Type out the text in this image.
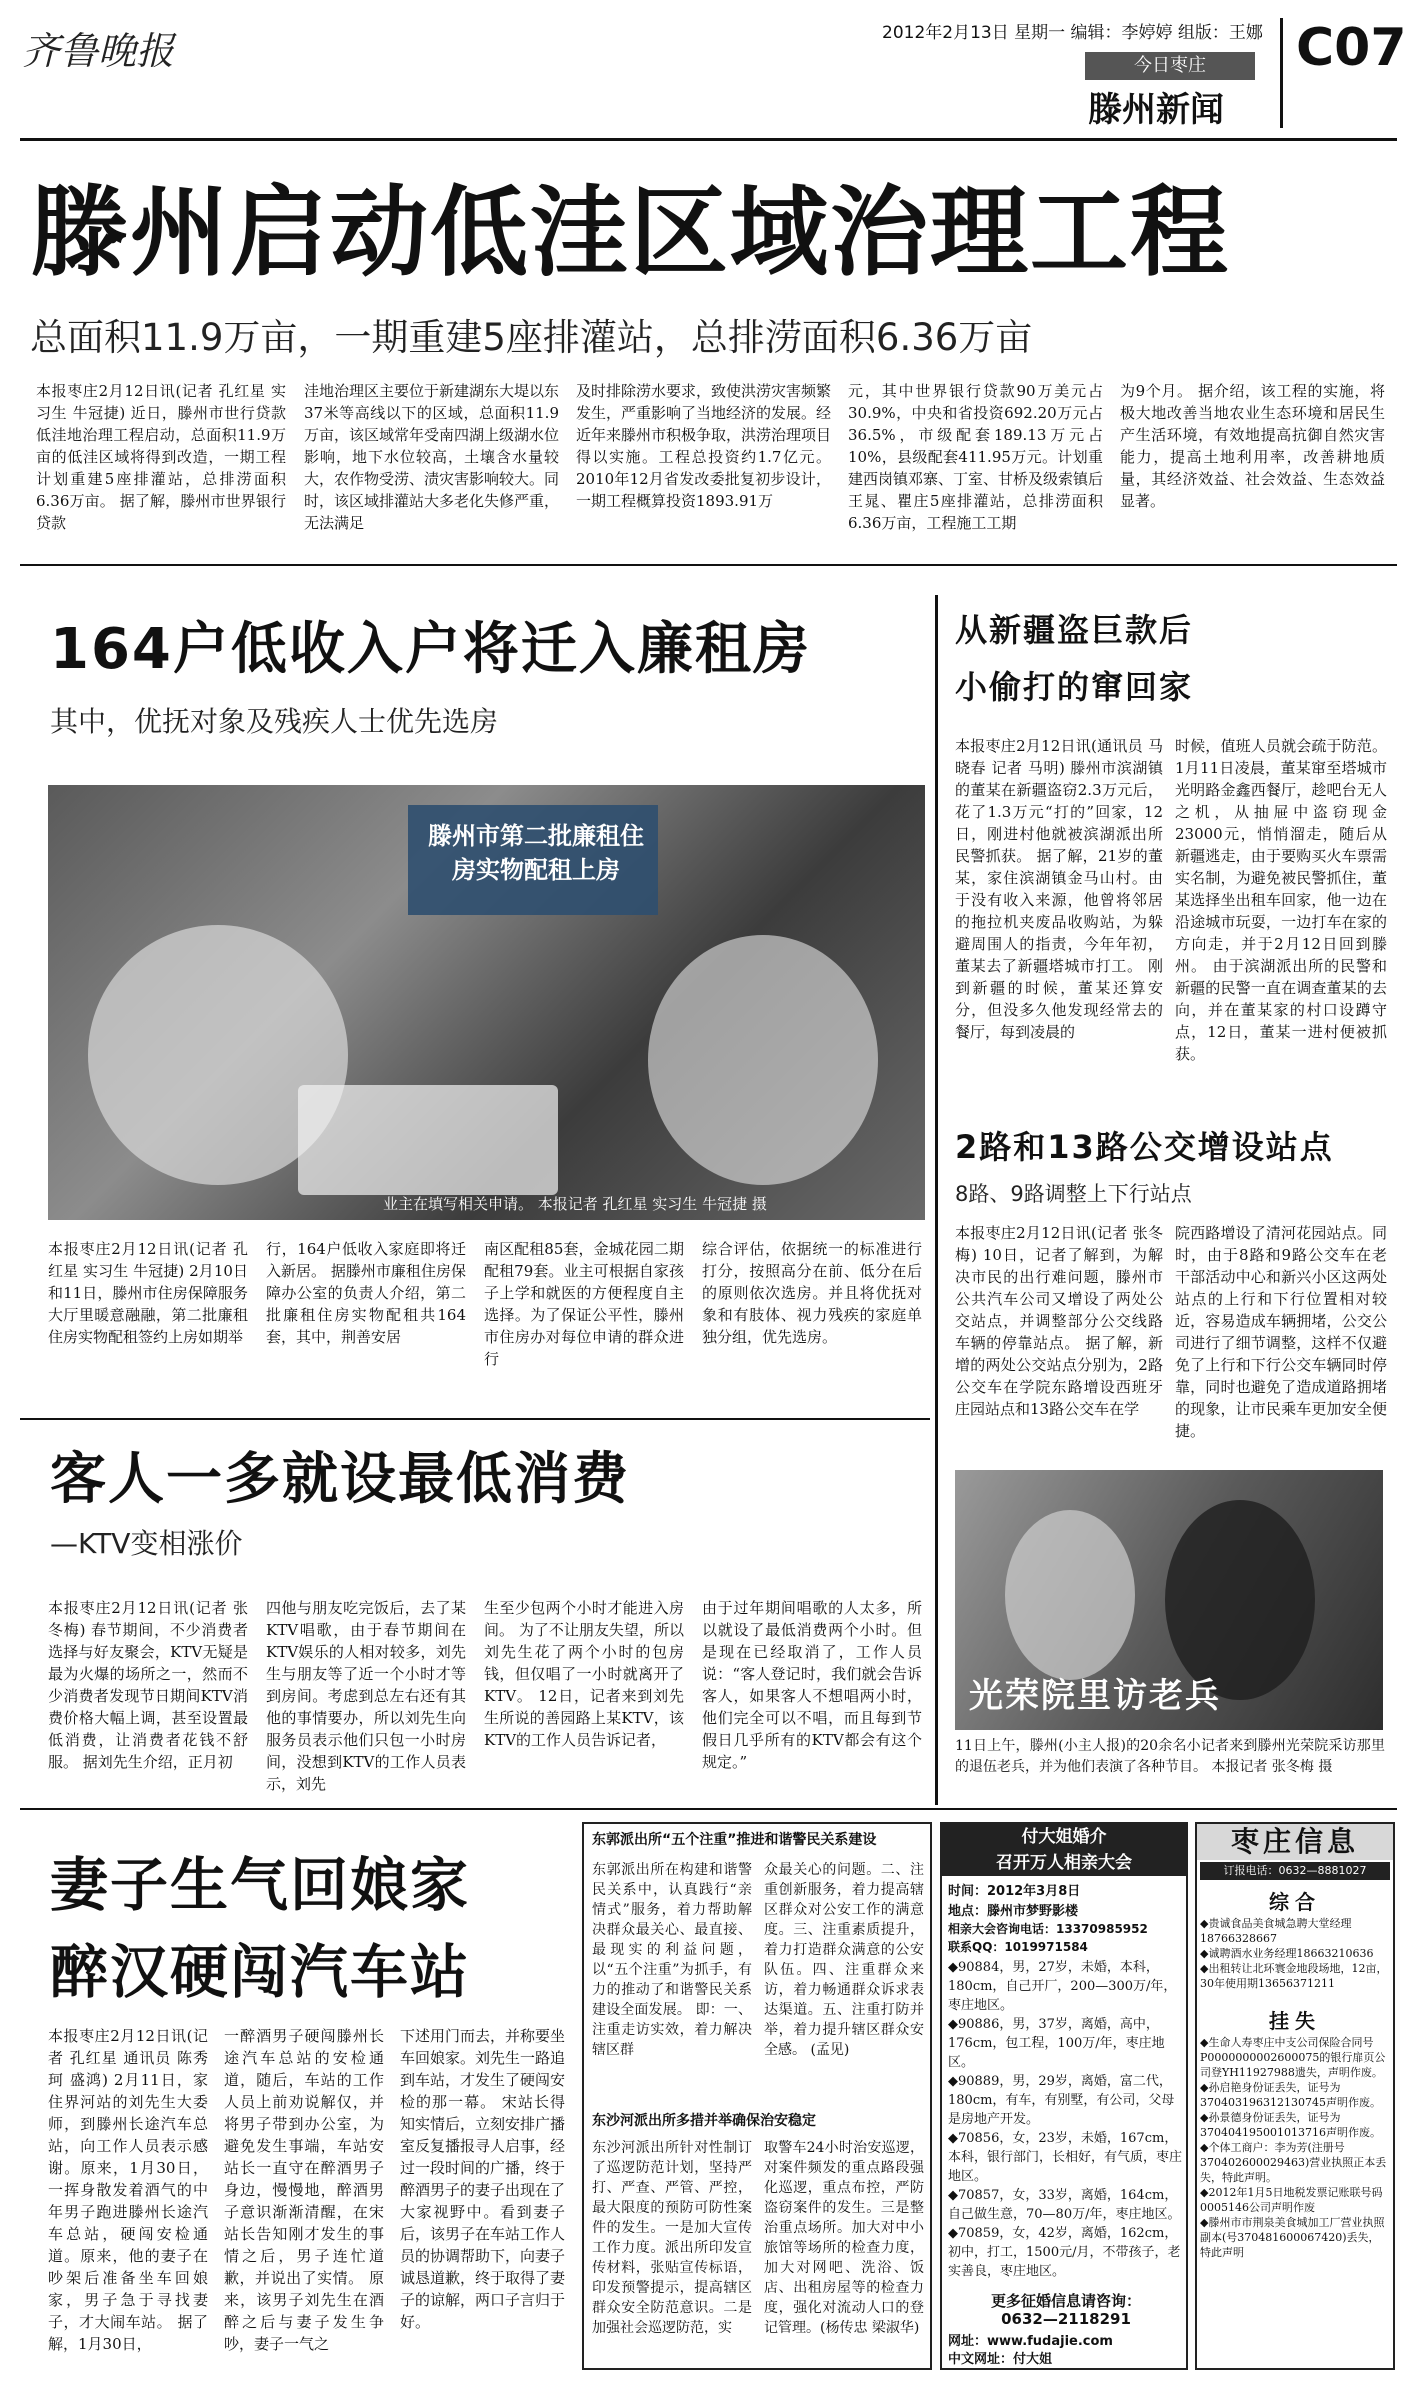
齐鲁晚报	2012年2月13日 星期一 编辑：李婷婷 组版：王娜
今日枣庄
滕州新闻
C07
滕州启动低洼区域治理工程
总面积11.9万亩，一期重建5座排灌站，总排涝面积6.36万亩
本报枣庄2月12日讯(记者 孔红星 实习生 牛冠捷) 近日，滕州市世行贷款低洼地治理工程启动，总面积11.9万亩的低洼区域将得到改造，一期工程计划重建5座排灌站，总排涝面积6.36万亩。 据了解，滕州市世界银行贷款
洼地治理区主要位于新建湖东大堤以东37米等高线以下的区域，总面积11.9万亩，该区域常年受南四湖上级湖水位影响，地下水位较高，土壤含水量较大，农作物受涝、渍灾害影响较大。同时，该区域排灌站大多老化失修严重，无法满足
及时排除涝水要求，致使洪涝灾害频繁发生，严重影响了当地经济的发展。经近年来滕州市积极争取，洪涝治理项目得以实施。工程总投资约1.7亿元。2010年12月省发改委批复初步设计，一期工程概算投资1893.91万
元，其中世界银行贷款90万美元占30.9%，中央和省投资692.20万元占36.5%，市级配套189.13万元占10%，县级配套411.95万元。计划重建西岗镇邓寨、丁室、甘桥及级索镇后王晁、瞿庄5座排灌站，总排涝面积6.36万亩，工程施工工期
为9个月。 据介绍，该工程的实施，将极大地改善当地农业生态环境和居民生产生活环境，有效地提高抗御自然灾害能力，提高土地利用率，改善耕地质量，其经济效益、社会效益、生态效益显著。
164户低收入户将迁入廉租房
其中，优抚对象及残疾人士优先选房
滕州市第二批廉租住房实物配租上房
业主在填写相关申请。 本报记者 孔红星 实习生 牛冠捷 摄
本报枣庄2月12日讯(记者 孔红星 实习生 牛冠捷) 2月10日和11日，滕州市住房保障服务大厅里暖意融融，第二批廉租住房实物配租签约上房如期举
行，164户低收入家庭即将迁入新居。 据滕州市廉租住房保障办公室的负责人介绍，第二批廉租住房实物配租共164套，其中，荆善安居
南区配租85套，金城花园二期配租79套。业主可根据自家孩子上学和就医的方便程度自主选择。为了保证公平性，滕州市住房办对每位申请的群众进行
综合评估，依据统一的标准进行打分，按照高分在前、低分在后的原则依次选房。并且将优抚对象和有肢体、视力残疾的家庭单独分组，优先选房。
客人一多就设最低消费
—KTV变相涨价
本报枣庄2月12日讯(记者 张冬梅) 春节期间，不少消费者选择与好友聚会，KTV无疑是最为火爆的场所之一，然而不少消费者发现节日期间KTV消费价格大幅上调，甚至设置最低消费，让消费者花钱不舒服。 据刘先生介绍，正月初
四他与朋友吃完饭后，去了某KTV唱歌，由于春节期间在KTV娱乐的人相对较多，刘先生与朋友等了近一个小时才等到房间。考虑到总左右还有其他的事情要办，所以刘先生向服务员表示他们只包一小时房间，没想到KTV的工作人员表示，刘先
生至少包两个小时才能进入房间。 为了不让朋友失望，所以刘先生花了两个小时的包房钱，但仅唱了一小时就离开了KTV。 12日，记者来到刘先生所说的善园路上某KTV，该KTV的工作人员告诉记者，
由于过年期间唱歌的人太多，所以就设了最低消费两个小时。但是现在已经取消了，工作人员说：“客人登记时，我们就会告诉客人，如果客人不想唱两小时，他们完全可以不唱，而且每到节假日几乎所有的KTV都会有这个规定。”
从新疆盗巨款后
小偷打的窜回家
本报枣庄2月12日讯(通讯员 马晓春 记者 马明) 滕州市滨湖镇的董某在新疆盗窃2.3万元后，花了1.3万元“打的”回家，12日，刚进村他就被滨湖派出所民警抓获。 据了解，21岁的董某，家住滨湖镇金马山村。由于没有收入来源，他曾将邻居的拖拉机夹废品收购站，为躲避周围人的指责，今年年初，董某去了新疆塔城市打工。 刚到新疆的时候，董某还算安分，但没多久他发现经常去的餐厅，每到凌晨的
时候，值班人员就会疏于防范。1月11日凌晨，董某窜至塔城市光明路金鑫西餐厅，趁吧台无人之机，从抽屉中盗窃现金23000元，悄悄溜走，随后从新疆逃走，由于要购买火车票需实名制，为避免被民警抓住，董某选择坐出租车回家，他一边在沿途城市玩耍，一边打车在家的方向走，并于2月12日回到滕州。 由于滨湖派出所的民警和新疆的民警一直在调查董某的去向，并在董某家的村口设蹲守点，12日，董某一进村便被抓获。
2路和13路公交增设站点
8路、9路调整上下行站点
本报枣庄2月12日讯(记者 张冬梅) 10日，记者了解到，为解决市民的出行难问题，滕州市公共汽车公司又增设了两处公交站点，并调整部分公交线路车辆的停靠站点。 据了解，新增的两处公交站点分别为，2路公交车在学院东路增设西班牙庄园站点和13路公交车在学
院西路增设了清河花园站点。同时，由于8路和9路公交车在老干部活动中心和新兴小区这两处站点的上行和下行位置相对较近，容易造成车辆拥堵，公交公司进行了细节调整，这样不仅避免了上行和下行公交车辆同时停靠，同时也避免了造成道路拥堵的现象，让市民乘车更加安全便捷。
光荣院里访老兵
11日上午，滕州(小主人报)的20余名小记者来到滕州光荣院采访那里的退伍老兵，并为他们表演了各种节目。 本报记者 张冬梅 摄
妻子生气回娘家
醉汉硬闯汽车站
本报枣庄2月12日讯(记者 孔红星 通讯员 陈秀珂 盛鸿) 2月11日，家住界河站的刘先生大委师，到滕州长途汽车总站，向工作人员表示感谢。原来，1月30日，一挥身散发着酒气的中年男子跑进滕州长途汽车总站，硬闯安检通道。原来，他的妻子在吵架后准备坐车回娘家，男子急于寻找妻子，才大闹车站。 据了解，1月30日，
一醉酒男子硬闯滕州长途汽车总站的安检通道，随后，车站的工作人员上前劝说解仅，并将男子带到办公室，为避免发生事端，车站安站长一直守在醉酒男子身边，慢慢地，醉酒男子意识渐渐清醒，在宋站长告知刚才发生的事情之后，男子连忙道歉，并说出了实情。 原来，该男子刘先生在酒醉之后与妻子发生争吵，妻子一气之
下述用门而去，并称要坐车回娘家。刘先生一路追到车站，才发生了硬闯安检的那一幕。 宋站长得知实情后，立刻安排广播室反复播报寻人启事，经过一段时间的广播，终于醉酒男子的妻子出现在了大家视野中。看到妻子后，该男子在车站工作人员的协调帮助下，向妻子诚恳道歉，终于取得了妻子的谅解，两口子言归于好。
东郭派出所“五个注重”推进和谐警民关系建设
东郭派出所在构建和谐警民关系中，认真践行“亲情式”服务，着力帮助解决群众最关心、最直接、最现实的利益问题，以“五个注重”为抓手，有力的推动了和谐警民关系建设全面发展。 即：一、注重走访实效，着力解决辖区群
众最关心的问题。二、注重创新服务，着力提高辖区群众对公安工作的满意度。三、注重素质提升，着力打造群众满意的公安队伍。四、注重群众来访，着力畅通群众诉求表达渠道。五、注重打防并举，着力提升辖区群众安全感。 (孟见)
东沙河派出所多措并举确保治安稳定
东沙河派出所针对性制订了巡逻防范计划，坚持严打、严查、严管、严控，最大限度的预防可防性案件的发生。一是加大宣传工作力度。派出所印发宣传材料，张贴宣传标语，印发预警提示，提高辖区群众安全防范意识。二是加强社会巡逻防范，实
取警车24小时治安巡逻，对案件频发的重点路段强化巡逻，重点布控，严防盗窃案件的发生。三是整治重点场所。加大对中小旅馆等场所的检查力度，加大对网吧、洗浴、饭店、出租房屋等的检查力度，强化对流动人口的登记管理。(杨传忠 梁淑华)
付大姐婚介
召开万人相亲大会
时间：2012年3月8日
地点：滕州市梦野影楼
相亲大会咨询电话：13370985952
联系QQ：1019971584
◆90884，男，27岁，未婚，本科，180cm，自己开厂，200—300万/年，枣庄地区。
◆90886，男，37岁，离婚，高中，176cm，包工程，100万/年，枣庄地区。
◆90889，男，29岁，离婚，富二代，180cm，有车，有别墅，有公司，父母是房地产开发。
◆70856，女，23岁，未婚，167cm，本科，银行部门，长相好，有气质，枣庄地区。
◆70857，女，33岁，离婚，164cm，自己做生意，70—80万/年，枣庄地区。
◆70859，女，42岁，离婚，162cm，初中，打工，1500元/月，不带孩子，老实善良，枣庄地区。
更多征婚信息请咨询：
0632—2118291
网址：www.fudajie.com
中文网址：付大姐
枣庄信息
订报电话：0632—8881027
综合
◆贵诚食品美食城急聘大堂经理18766328667
◆诚聘酒水业务经理18663210636
◆出租转让北环寰金地段场地，12亩，30年使用期13656371211
挂失
◆生命人寿枣庄中支公司保险合同号P0000000002600075的银行扉页公司登YH11927988遗失，声明作废。
◆孙启艳身份证丢失，证号为370403196312130745声明作废。
◆孙景德身份证丢失，证号为370404195001013716声明作废。
◆个体工商户：李为芳(注册号370402600029463)营业执照正本丢失，特此声明。
◆2012年1月5日地税发票记账联号码0005146公司声明作废
◆滕州市市荆泉美食城加工厂营业执照副本(号370481600067420)丢失，特此声明
